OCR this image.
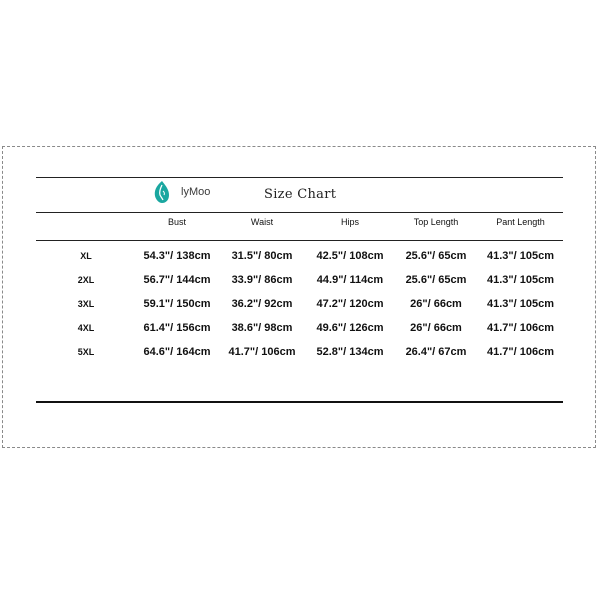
lyMoo	Size Chart
	Bust	Waist	Hips	Top Length	Pant Length

XL	54.3"/ 138cm	31.5"/ 80cm	42.5"/ 108cm	25.6"/ 65cm	41.3"/ 105cm
2XL	56.7"/ 144cm	33.9"/ 86cm	44.9"/ 114cm	25.6"/ 65cm	41.3"/ 105cm
3XL	59.1"/ 150cm	36.2"/ 92cm	47.2"/ 120cm	26"/ 66cm	41.3"/ 105cm
4XL	61.4"/ 156cm	38.6"/ 98cm	49.6"/ 126cm	26"/ 66cm	41.7"/ 106cm
5XL	64.6"/ 164cm	41.7"/ 106cm	52.8"/ 134cm	26.4"/ 67cm	41.7"/ 106cm
